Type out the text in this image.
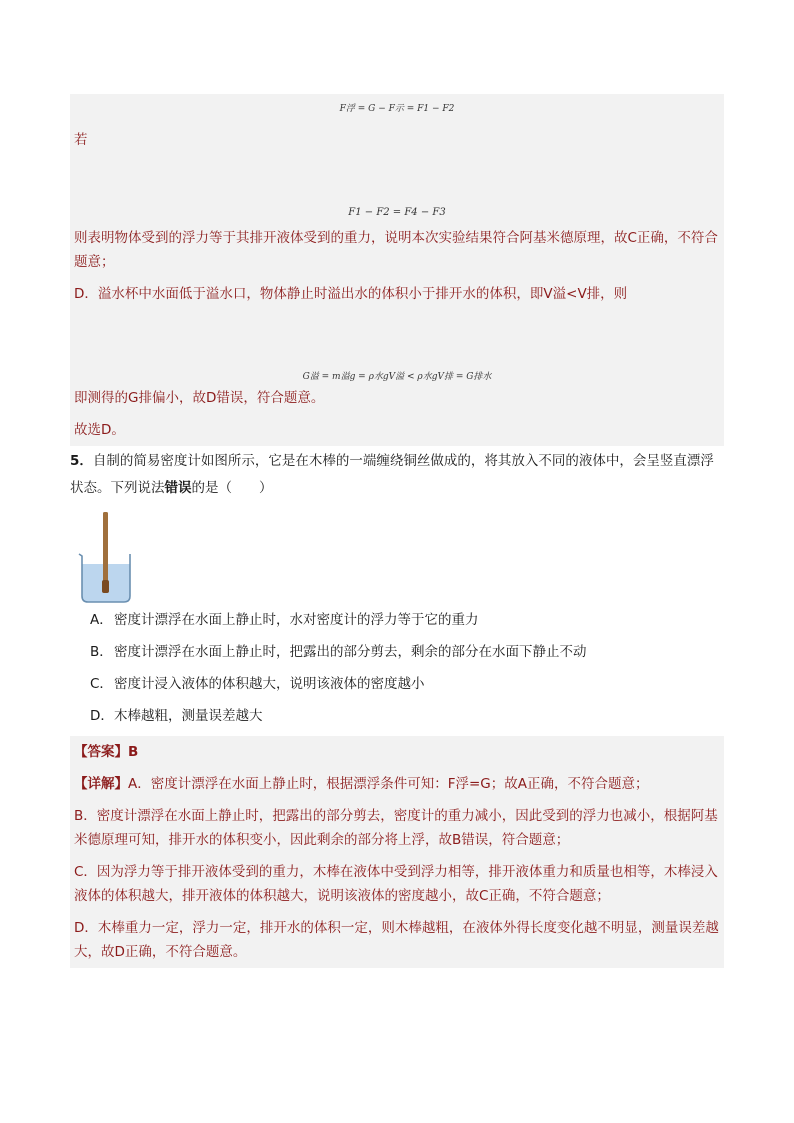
F浮 = G − F示 = F1 − F2
若
F1 − F2 = F4 − F3
则表明物体受到的浮力等于其排开液体受到的重力，说明本次实验结果符合阿基米德原理，故C正确，不符合题意；
D．溢水杯中水面低于溢水口，物体静止时溢出水的体积小于排开水的体积，即V溢<V排，则
G溢 = m溢g = ρ水gV溢 < ρ水gV排 = G排水
即测得的G排偏小，故D错误，符合题意。
故选D。
5．自制的简易密度计如图所示，它是在木棒的一端缠绕铜丝做成的，将其放入不同的液体中，会呈竖直漂浮状态。下列说法错误的是（　　）
A．密度计漂浮在水面上静止时，水对密度计的浮力等于它的重力
B．密度计漂浮在水面上静止时，把露出的部分剪去，剩余的部分在水面下静止不动
C．密度计浸入液体的体积越大，说明该液体的密度越小
D．木棒越粗，测量误差越大
【答案】B
【详解】A．密度计漂浮在水面上静止时，根据漂浮条件可知：F浮=G；故A正确，不符合题意；
B．密度计漂浮在水面上静止时，把露出的部分剪去，密度计的重力减小，因此受到的浮力也减小，根据阿基米德原理可知，排开水的体积变小，因此剩余的部分将上浮，故B错误，符合题意；
C．因为浮力等于排开液体受到的重力，木棒在液体中受到浮力相等，排开液体重力和质量也相等，木棒浸入液体的体积越大，排开液体的体积越大，说明该液体的密度越小，故C正确，不符合题意；
D．木棒重力一定，浮力一定，排开水的体积一定，则木棒越粗，在液体外得长度变化越不明显，测量误差越大，故D正确，不符合题意。
